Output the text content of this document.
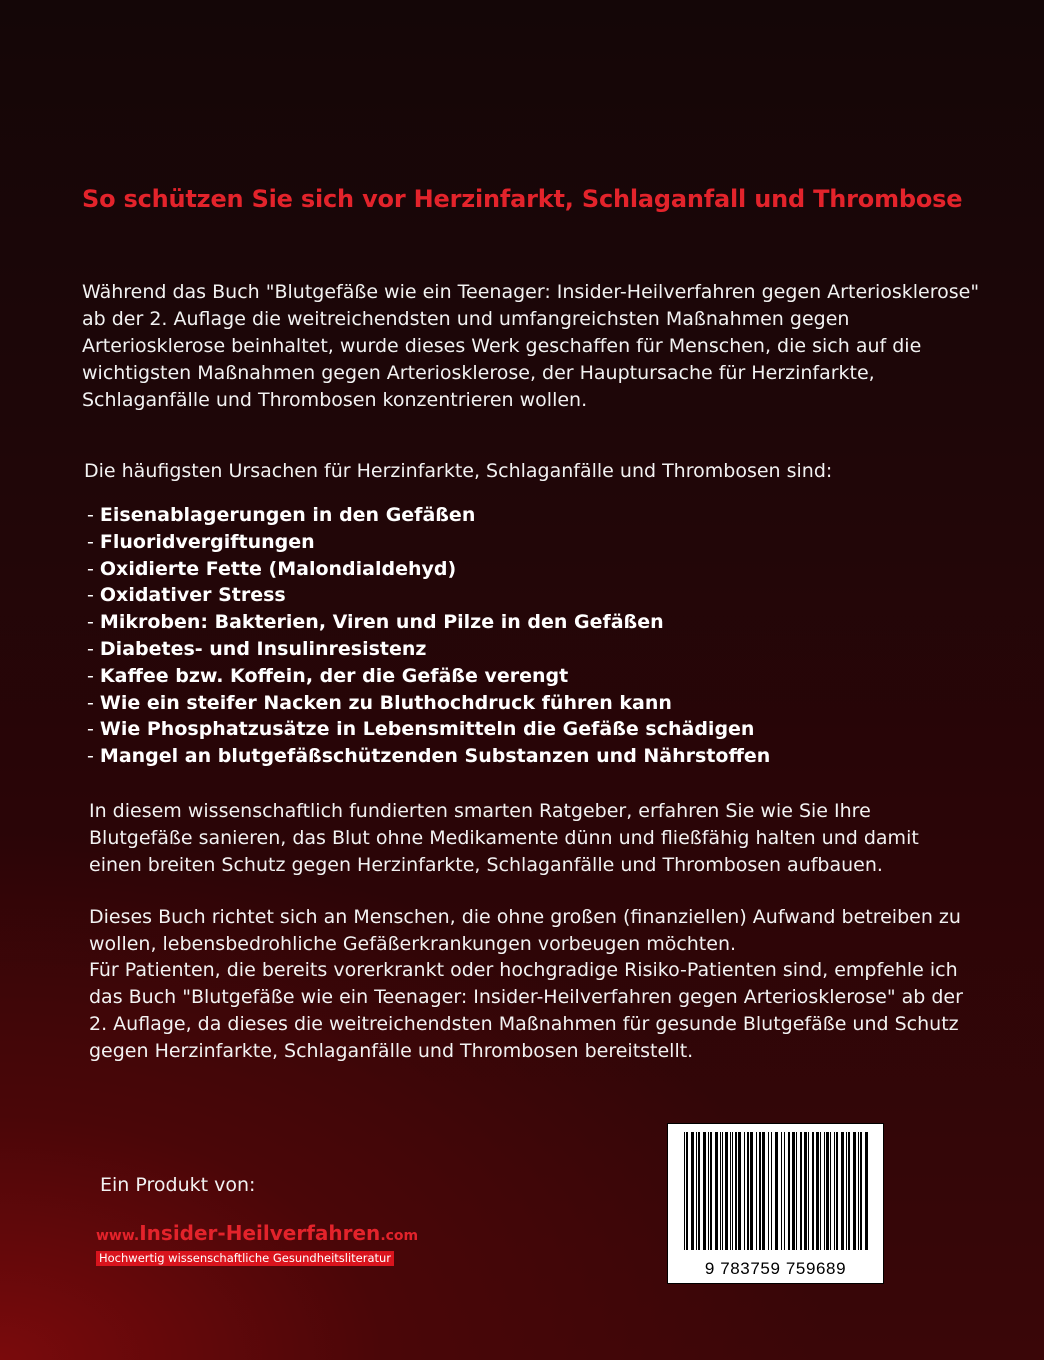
So schützen Sie sich vor Herzinfarkt, Schlaganfall und Thrombose
Während das Buch "Blutgefäße wie ein Teenager: Insider-Heilverfahren gegen Arteriosklerose"
ab der 2. Auflage die weitreichendsten und umfangreichsten Maßnahmen gegen
Arteriosklerose beinhaltet, wurde dieses Werk geschaffen für Menschen, die sich auf die
wichtigsten Maßnahmen gegen Arteriosklerose, der Hauptursache für Herzinfarkte,
Schlaganfälle und Thrombosen konzentrieren wollen.
Die häufigsten Ursachen für Herzinfarkte, Schlaganfälle und Thrombosen sind:
- Eisenablagerungen in den Gefäßen
- Fluoridvergiftungen
- Oxidierte Fette (Malondialdehyd)
- Oxidativer Stress
- Mikroben: Bakterien, Viren und Pilze in den Gefäßen
- Diabetes- und Insulinresistenz
- Kaffee bzw. Koffein, der die Gefäße verengt
- Wie ein steifer Nacken zu Bluthochdruck führen kann
- Wie Phosphatzusätze in Lebensmitteln die Gefäße schädigen
- Mangel an blutgefäßschützenden Substanzen und Nährstoffen
In diesem wissenschaftlich fundierten smarten Ratgeber, erfahren Sie wie Sie Ihre
Blutgefäße sanieren, das Blut ohne Medikamente dünn und fließfähig halten und damit
einen breiten Schutz gegen Herzinfarkte, Schlaganfälle und Thrombosen aufbauen.
Dieses Buch richtet sich an Menschen, die ohne großen (finanziellen) Aufwand betreiben zu
wollen, lebensbedrohliche Gefäßerkrankungen vorbeugen möchten.
Für Patienten, die bereits vorerkrankt oder hochgradige Risiko-Patienten sind, empfehle ich
das Buch "Blutgefäße wie ein Teenager: Insider-Heilverfahren gegen Arteriosklerose" ab der
2. Auflage, da dieses die weitreichendsten Maßnahmen für gesunde Blutgefäße und Schutz
gegen Herzinfarkte, Schlaganfälle und Thrombosen bereitstellt.
Ein Produkt von:
www.Insider-Heilverfahren.com
Hochwertig wissenschaftliche Gesundheitsliteratur
9 783759 759689
